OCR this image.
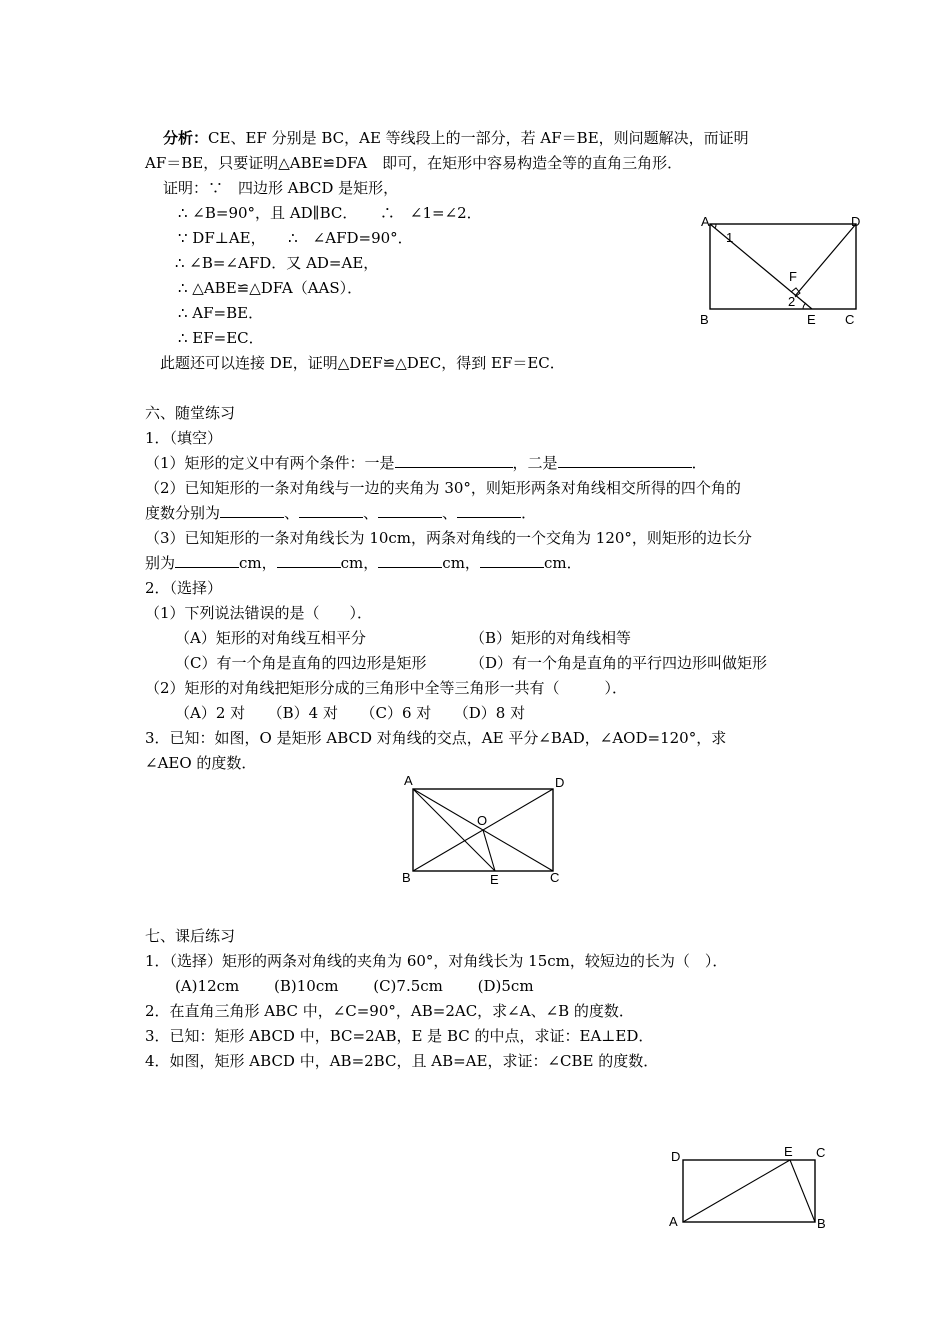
分析：CE、EF 分别是 BC，AE 等线段上的一部分，若 AF＝BE，则问题解决，而证明
AF＝BE，只要证明△ABE≌DFA　即可，在矩形中容易构造全等的直角三角形．
证明：∵　四边形 ABCD 是矩形，
∴ ∠B=90°，且 AD∥BC．　　∴　∠1=∠2．
∵ DF⊥AE，　　∴　∠AFD=90°．
∴ ∠B=∠AFD．又 AD=AE，
∴ △ABE≌△DFA（AAS）．
∴ AF=BE．
∴ EF=EC．
此题还可以连接 DE，证明△DEF≌△DEC，得到 EF＝EC．
A	D
B	E C
F
1
2
六、随堂练习
1．（填空）
（1）矩形的定义中有两个条件：一是	，二是	．
（2）已知矩形的一条对角线与一边的夹角为 30°，则矩形两条对角线相交所得的四个角的
度数分别为	、	、	、	．
（3）已知矩形的一条对角线长为 10cm，两条对角线的一个交角为 120°，则矩形的边长分
别为	cm，	cm，	cm，	cm．
2．（选择）
（1）下列说法错误的是（　　）．
（A）矩形的对角线互相平分	（B）矩形的对角线相等
（C）有一个角是直角的四边形是矩形	（D）有一个角是直角的平行四边形叫做矩形
（2）矩形的对角线把矩形分成的三角形中全等三角形一共有（　　　）．
（A）2 对　　（B）4 对　　（C）6 对　　（D）8 对
3．已知：如图，O 是矩形 ABCD 对角线的交点，AE 平分∠BAD，∠AOD=120°，求
∠AEO 的度数．
A	D
B	E	C
O
七、课后练习
1．（选择）矩形的两条对角线的夹角为 60°，对角线长为 15cm，较短边的长为（　）．
(A)12cm　　 (B)10cm　　 (C)7.5cm　　 (D)5cm
2．在直角三角形 ABC 中，∠C=90°，AB=2AC，求∠A、∠B 的度数．
3．已知：矩形 ABCD 中，BC=2AB，E 是 BC 的中点，求证：EA⊥ED．
4．如图，矩形 ABCD 中，AB=2BC，且 AB=AE，求证：∠CBE 的度数．
D	E C
A	B
